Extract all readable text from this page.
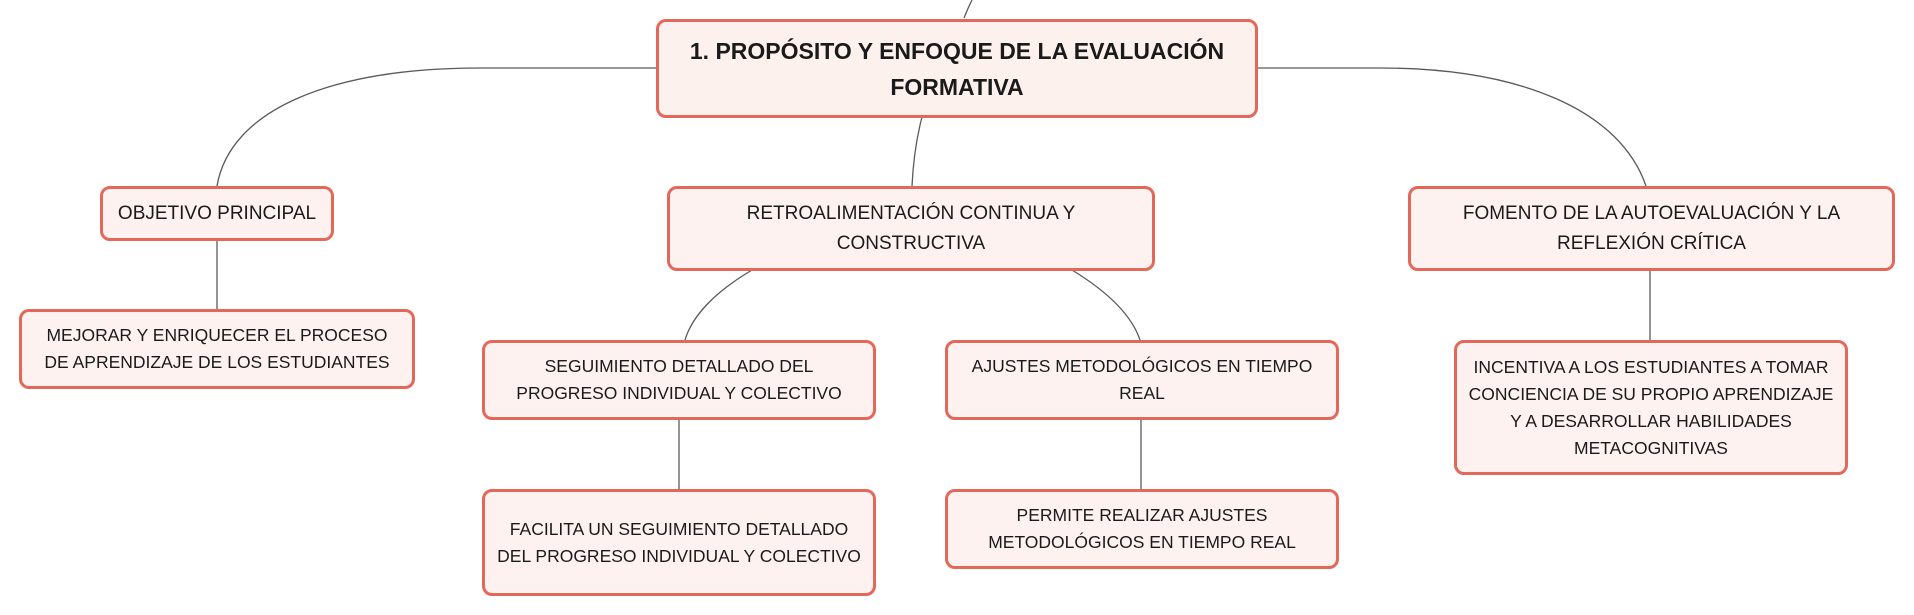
1. PROPÓSITO Y ENFOQUE DE LA EVALUACIÓN FORMATIVA
OBJETIVO PRINCIPAL	RETROALIMENTACIÓN CONTINUA Y CONSTRUCTIVA
FOMENTO DE LA AUTOEVALUACIÓN Y LA REFLEXIÓN CRÍTICA
MEJORAR Y ENRIQUECER EL PROCESO DE APRENDIZAJE DE LOS ESTUDIANTES	SEGUIMIENTO DETALLADO DEL PROGRESO INDIVIDUAL Y COLECTIVO
AJUSTES METODOLÓGICOS EN TIEMPO REAL
INCENTIVA A LOS ESTUDIANTES A TOMAR CONCIENCIA DE SU PROPIO APRENDIZAJE Y A DESARROLLAR HABILIDADES METACOGNITIVAS
FACILITA UN SEGUIMIENTO DETALLADO DEL PROGRESO INDIVIDUAL Y COLECTIVO
PERMITE REALIZAR AJUSTES METODOLÓGICOS EN TIEMPO REAL
